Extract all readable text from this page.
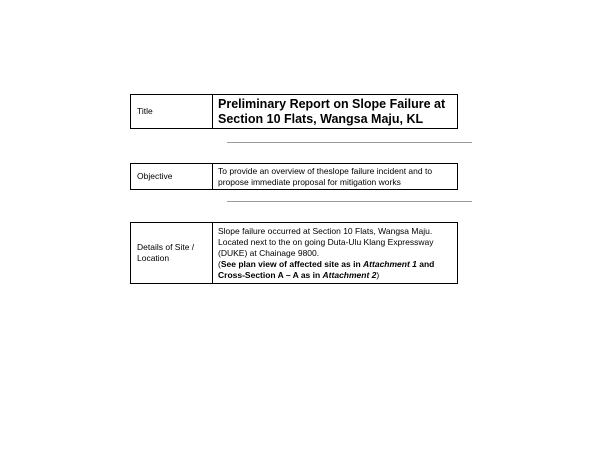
Title
Preliminary Report on Slope Failure at Section 10 Flats, Wangsa Maju, KL
Objective
To provide an overview of theslope failure incident and to propose immediate proposal for mitigation works
Details of Site / Location
Slope failure occurred at Section 10 Flats, Wangsa Maju. Located next to the on going Duta-Ulu Klang Expressway (DUKE) at Chainage 9800.
(See plan view of affected site as in Attachment 1 and Cross-Section A – A as in Attachment 2)
